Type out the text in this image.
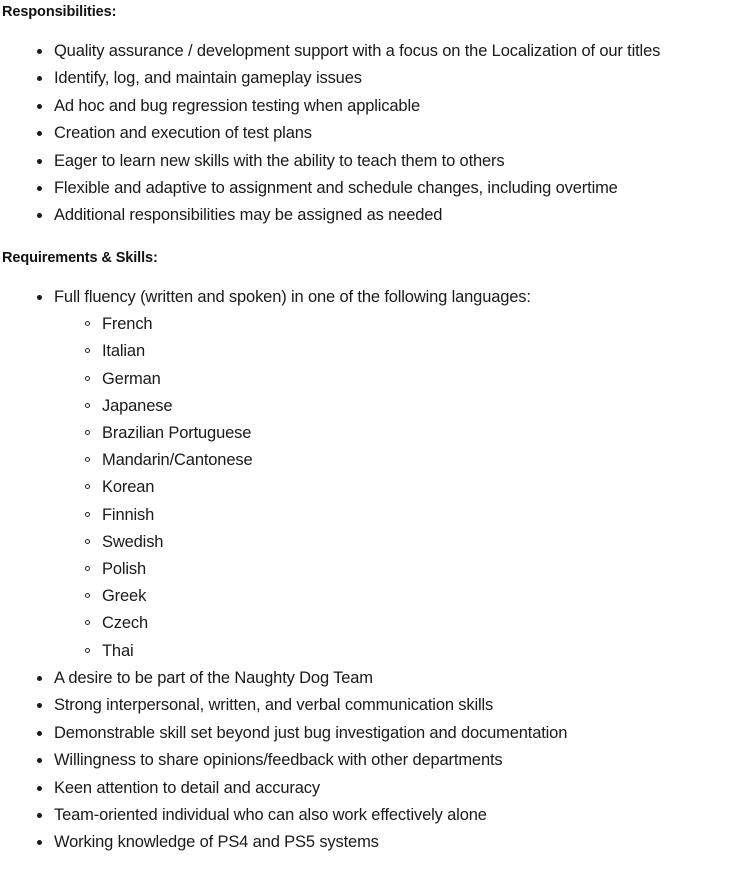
Responsibilities:
Quality assurance / development support with a focus on the Localization of our titles
Identify, log, and maintain gameplay issues
Ad hoc and bug regression testing when applicable
Creation and execution of test plans
Eager to learn new skills with the ability to teach them to others
Flexible and adaptive to assignment and schedule changes, including overtime
Additional responsibilities may be assigned as needed
Requirements & Skills:
Full fluency (written and spoken) in one of the following languages:
French
Italian
German
Japanese
Brazilian Portuguese
Mandarin/Cantonese
Korean
Finnish
Swedish
Polish
Greek
Czech
Thai
A desire to be part of the Naughty Dog Team
Strong interpersonal, written, and verbal communication skills
Demonstrable skill set beyond just bug investigation and documentation
Willingness to share opinions/feedback with other departments
Keen attention to detail and accuracy
Team-oriented individual who can also work effectively alone
Working knowledge of PS4 and PS5 systems
